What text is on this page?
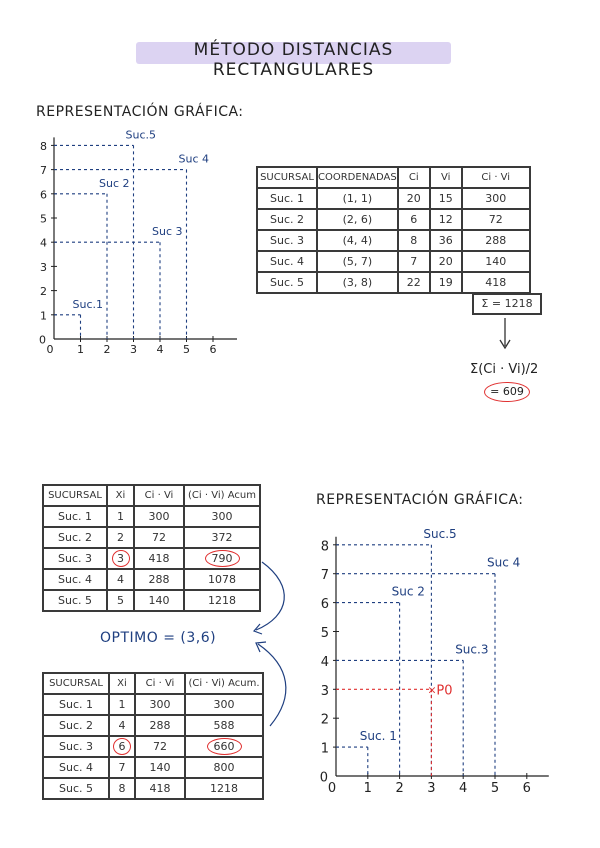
MÉTODO DISTANCIAS RECTANGULARES
REPRESENTACIÓN GRÁFICA:
0 1 2 3 4 5 6
1
2
3
4
5
6
7
8
0
Suc.1
Suc 2
Suc 3
Suc 4
Suc.5
SUCURSAL	COORDENADAS	Ci	Vi	Ci · Vi
Suc. 1	(1, 1)	20	15	300
Suc. 2	(2, 6)	6	12	72
Suc. 3	(4, 4)	8	36	288
Suc. 4	(5, 7)	7	20	140
Suc. 5	(3, 8)	22	19	418
Σ = 1218
Σ(Ci · Vi)/2
= 609
SUCURSAL	Xi	Ci · Vi	(Ci · Vi) Acum
Suc. 1	1	300	300
Suc. 2	2	72	372
Suc. 3	3	418	790
Suc. 4	4	288	1078
Suc. 5	5	140	1218
OPTIMO = (3,6)
SUCURSAL	Xi	Ci · Vi	(Ci · Vi) Acum.
Suc. 1	1	300	300
Suc. 2	4	288	588
Suc. 3	6	72	660
Suc. 4	7	140	800
Suc. 5	8	418	1218
REPRESENTACIÓN GRÁFICA:
0 1 2 3 4 5 6
1
2
3
4
5
6
7
8
0
Suc. 1
Suc 2
Suc.3
Suc 4
Suc.5
× P0
